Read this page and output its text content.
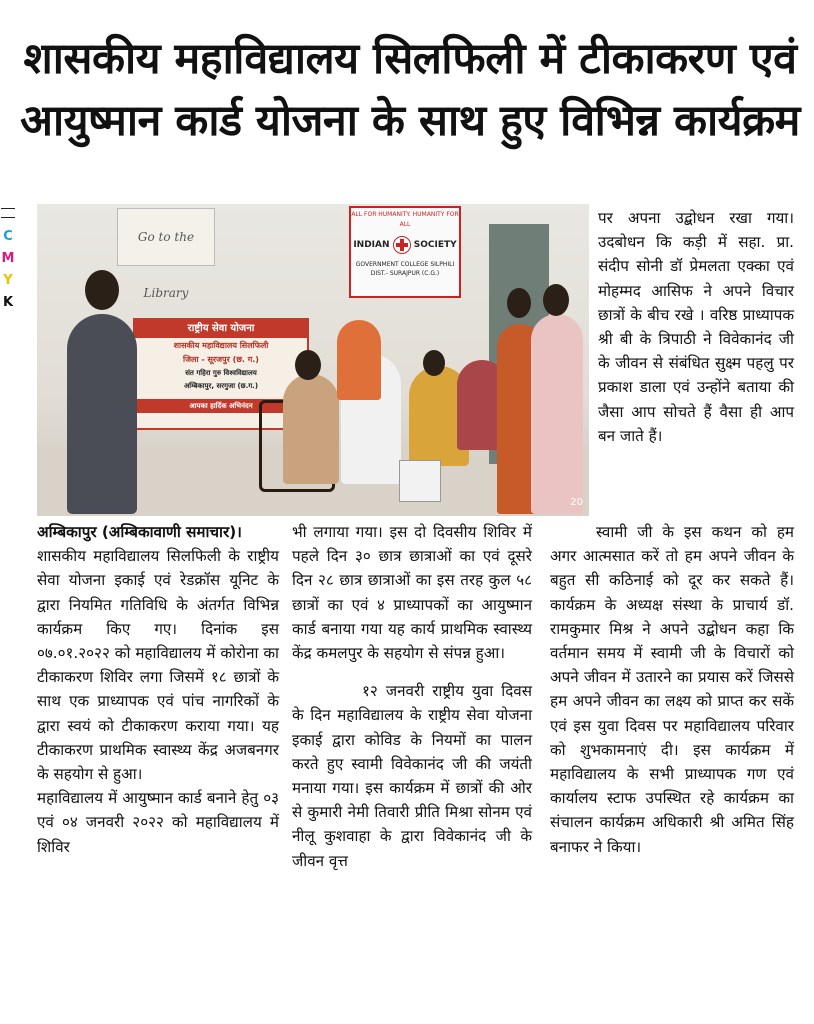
शासकीय महाविद्यालय सिलफिली में टीकाकरण एवं
आयुष्मान कार्ड योजना के साथ हुए विभिन्न कार्यक्रम
C
M
Y
K
Go to the Library
ALL FOR HUMANITY. HUMANITY FOR ALL
INDIAN	SOCIETY
GOVERNMENT COLLEGE SILPHILI
DIST.- SURAJPUR (C.G.)
राष्ट्रीय सेवा योजना
शासकीय महाविद्यालय सिलफिली
जिला - सूरजपुर (छ. ग.)
संत गहिरा गुरु विश्वविद्यालय
अम्बिकापुर, सरगुजा (छ.ग.)
आपका हार्दिक अभिनंदन
20
पर अपना उद्बोधन रखा गया। उदबोधन कि कड़ी में सहा. प्रा. संदीप सोनी डॉ प्रेमलता एक्का एवं मोहम्मद आसिफ ने अपने विचार छात्रों के बीच रखे । वरिष्ठ प्राध्यापक श्री बी के त्रिपाठी ने विवेकानंद जी के जीवन से संबंधित सुक्ष्म पहलु पर प्रकाश डाला एवं उन्होंने बताया की जैसा आप सोचते हैं वैसा ही आप बन जाते हैं।

अम्बिकापुर (अम्बिकावाणी समाचार)।

शासकीय महाविद्यालय सिलफिली के राष्ट्रीय सेवा योजना इकाई एवं रेडक्रॉस यूनिट के द्वारा नियमित गतिविधि के अंतर्गत विभिन्न कार्यक्रम किए गए। दिनांक इस ०७.०१.२०२२ को महाविद्यालय में कोरोना का टीकाकरण शिविर लगा जिसमें १८ छात्रों के साथ एक प्राध्यापक एवं पांच नागरिकों के द्वारा स्वयं को टीकाकरण कराया गया। यह टीकाकरण प्राथमिक स्वास्थ्य केंद्र अजबनगर के सहयोग से हुआ।

महाविद्यालय में आयुष्मान कार्ड बनाने हेतु ०३ एवं ०४ जनवरी २०२२ को महाविद्यालय में शिविर

भी लगाया गया। इस दो दिवसीय शिविर में पहले दिन ३० छात्र छात्राओं का एवं दूसरे दिन २८ छात्र छात्राओं का इस तरह कुल ५८ छात्रों का एवं ४ प्राध्यापकों का आयुष्मान कार्ड बनाया गया यह कार्य प्राथमिक स्वास्थ्य केंद्र कमलपुर के सहयोग से संपन्न हुआ।

१२ जनवरी राष्ट्रीय युवा दिवस के दिन महाविद्यालय के राष्ट्रीय सेवा योजना इकाई द्वारा कोविड के नियमों का पालन करते हुए स्वामी विवेकानंद जी की जयंती मनाया गया। इस कार्यक्रम में छात्रों की ओर से कुमारी नेमी तिवारी प्रीति मिश्रा सोनम एवं नीलू कुशवाहा के द्वारा विवेकानंद जी के जीवन वृत्त

स्वामी जी के इस कथन को हम अगर आत्मसात करें तो हम अपने जीवन के बहुत सी कठिनाई को दूर कर सकते हैं। कार्यक्रम के अध्यक्ष संस्था के प्राचार्य डॉ. रामकुमार मिश्र ने अपने उद्बोधन कहा कि वर्तमान समय में स्वामी जी के विचारों को अपने जीवन में उतारने का प्रयास करें जिससे हम अपने जीवन का लक्ष्य को प्राप्त कर सकें एवं इस युवा दिवस पर महाविद्यालय परिवार को शुभकामनाएं दी। इस कार्यक्रम में महाविद्यालय के सभी प्राध्यापक गण एवं कार्यालय स्टाफ उपस्थित रहे कार्यक्रम का संचालन कार्यक्रम अधिकारी श्री अमित सिंह बनाफर ने किया।
